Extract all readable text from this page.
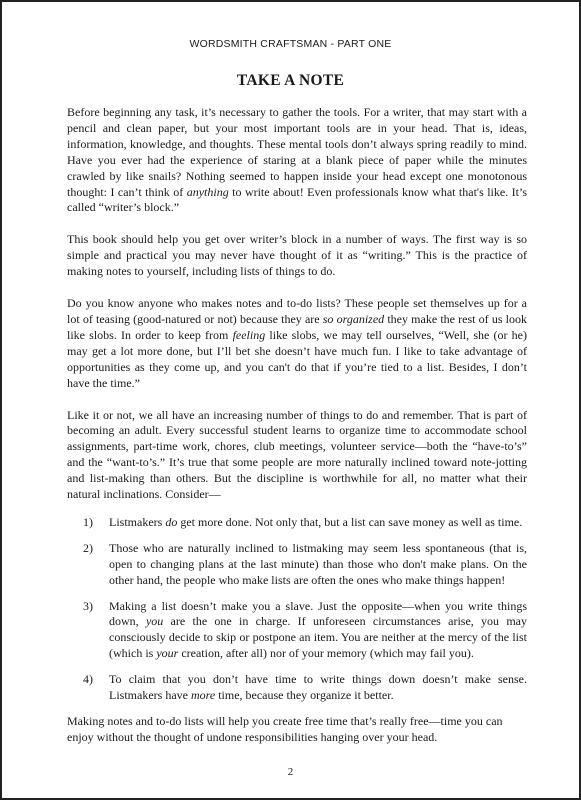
WORDSMITH CRAFTSMAN - PART ONE
TAKE A NOTE

Before beginning any task, it’s necessary to gather the tools. For a writer, that may start with a pencil and clean paper, but your most important tools are in your head. That is, ideas, information, knowledge, and thoughts. These mental tools don’t always spring readily to mind. Have you ever had the experience of staring at a blank piece of paper while the minutes crawled by like snails? Nothing seemed to happen inside your head except one monotonous thought: I can’t think of anything to write about! Even professionals know what that's like. It’s called “writer’s block.”

This book should help you get over writer’s block in a number of ways. The first way is so simple and practical you may never have thought of it as “writing.” This is the practice of making notes to yourself, including lists of things to do.

Do you know anyone who makes notes and to-do lists? These people set themselves up for a lot of teasing (good-natured or not) because they are so organized they make the rest of us look like slobs. In order to keep from feeling like slobs, we may tell ourselves, “Well, she (or he) may get a lot more done, but I’ll bet she doesn’t have much fun. I like to take advantage of opportunities as they come up, and you can't do that if you’re tied to a list. Besides, I don’t have the time.”

Like it or not, we all have an increasing number of things to do and remember. That is part of becoming an adult. Every successful student learns to organize time to accommodate school assignments, part-time work, chores, club meetings, volunteer service—both the “have-to’s” and the “want-to’s.” It’s true that some people are more naturally inclined toward note-jotting and list-making than others. But the discipline is worthwhile for all, no matter what their natural inclinations. Consider—

1) Listmakers do get more done. Not only that, but a list can save money as well as time.
2) Those who are naturally inclined to listmaking may seem less spontaneous (that is, open to changing plans at the last minute) than those who don't make plans. On the other hand, the people who make lists are often the ones who make things happen!
3) Making a list doesn’t make you a slave. Just the opposite—when you write things down, you are the one in charge. If unforeseen circumstances arise, you may consciously decide to skip or postpone an item. You are neither at the mercy of the list (which is your creation, after all) nor of your memory (which may fail you).
4) To claim that you don’t have time to write things down doesn’t make sense. Listmakers have more time, because they organize it better.

Making notes and to-do lists will help you create free time that’s really free—time you can enjoy without the thought of undone responsibilities hanging over your head.

2
